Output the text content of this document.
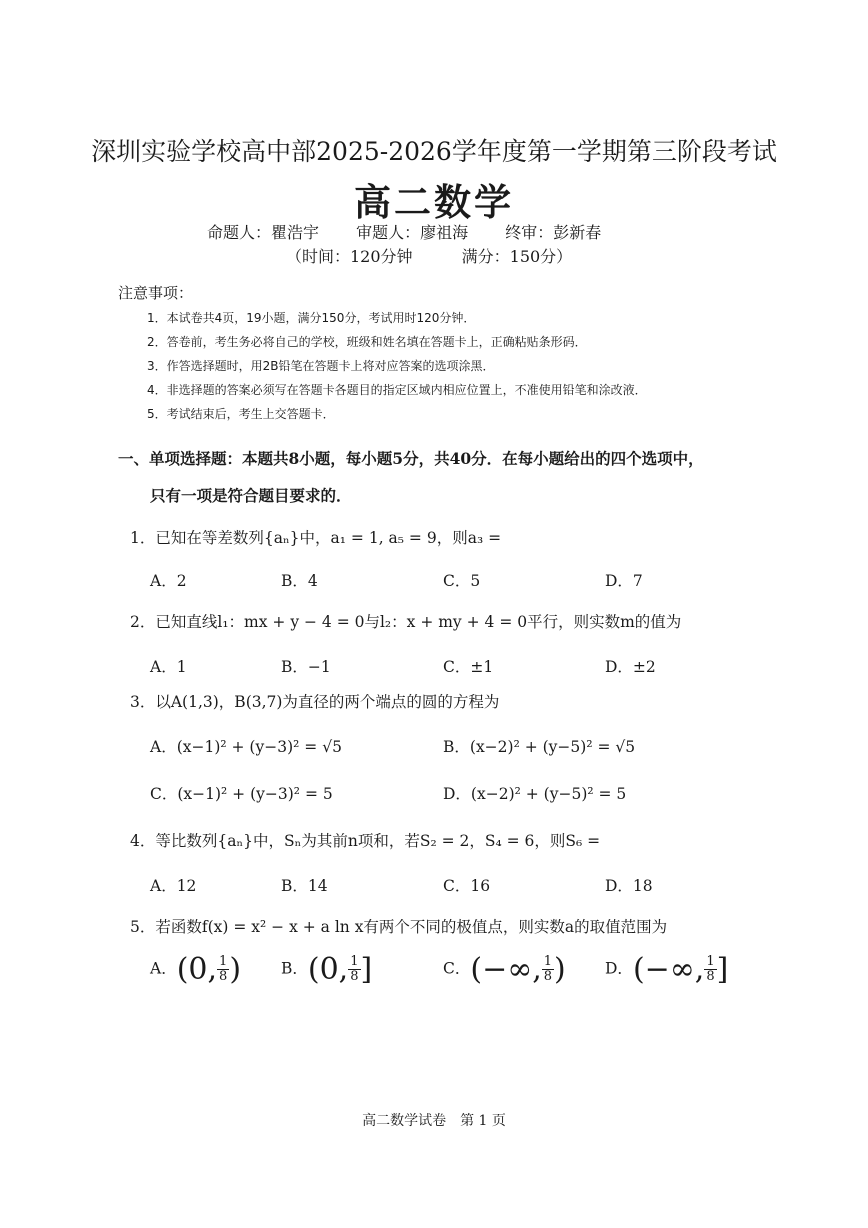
深圳实验学校高中部2025-2026学年度第一学期第三阶段考试
高二数学
命题人：瞿浩宇 审题人：廖祖海 终审：彭新春
（时间：120分钟	满分：150分）
注意事项：
1．本试卷共4页，19小题，满分150分，考试用时120分钟．
2．答卷前，考生务必将自己的学校，班级和姓名填在答题卡上，正确粘贴条形码．
3．作答选择题时，用2B铅笔在答题卡上将对应答案的选项涂黑．
4．非选择题的答案必须写在答题卡各题目的指定区域内相应位置上，不准使用铅笔和涂改液．
5．考试结束后，考生上交答题卡．
一、单项选择题：本题共8小题，每小题5分，共40分．在每小题给出的四个选项中，
只有一项是符合题目要求的．
1．已知在等差数列{aₙ}中，a₁ = 1, a₅ = 9，则a₃ =
A．2	B．4	C．5	D．7
2．已知直线l₁：mx + y − 4 = 0与l₂：x + my + 4 = 0平行，则实数m的值为
A．1	B．−1	C．±1	D．±2
3．以A(1,3)，B(3,7)为直径的两个端点的圆的方程为
A．(x−1)² + (y−3)² = √5	B．(x−2)² + (y−5)² = √5
C．(x−1)² + (y−3)² = 5	D．(x−2)² + (y−5)² = 5
4．等比数列{aₙ}中，Sₙ为其前n项和，若S₂ = 2，S₄ = 6，则S₆ =
A．12	B．14	C．16	D．18
5．若函数f(x) = x² − x + a ln x有两个不同的极值点，则实数a的取值范围为
A．(0, $\frac{1}{8}$ )	B．(0, $\frac{1}{8}$ ]	C．(−∞, $\frac{1}{8}$ )	D．(−∞, $\frac{1}{8}$ ]
高二数学试卷　第 1 页
